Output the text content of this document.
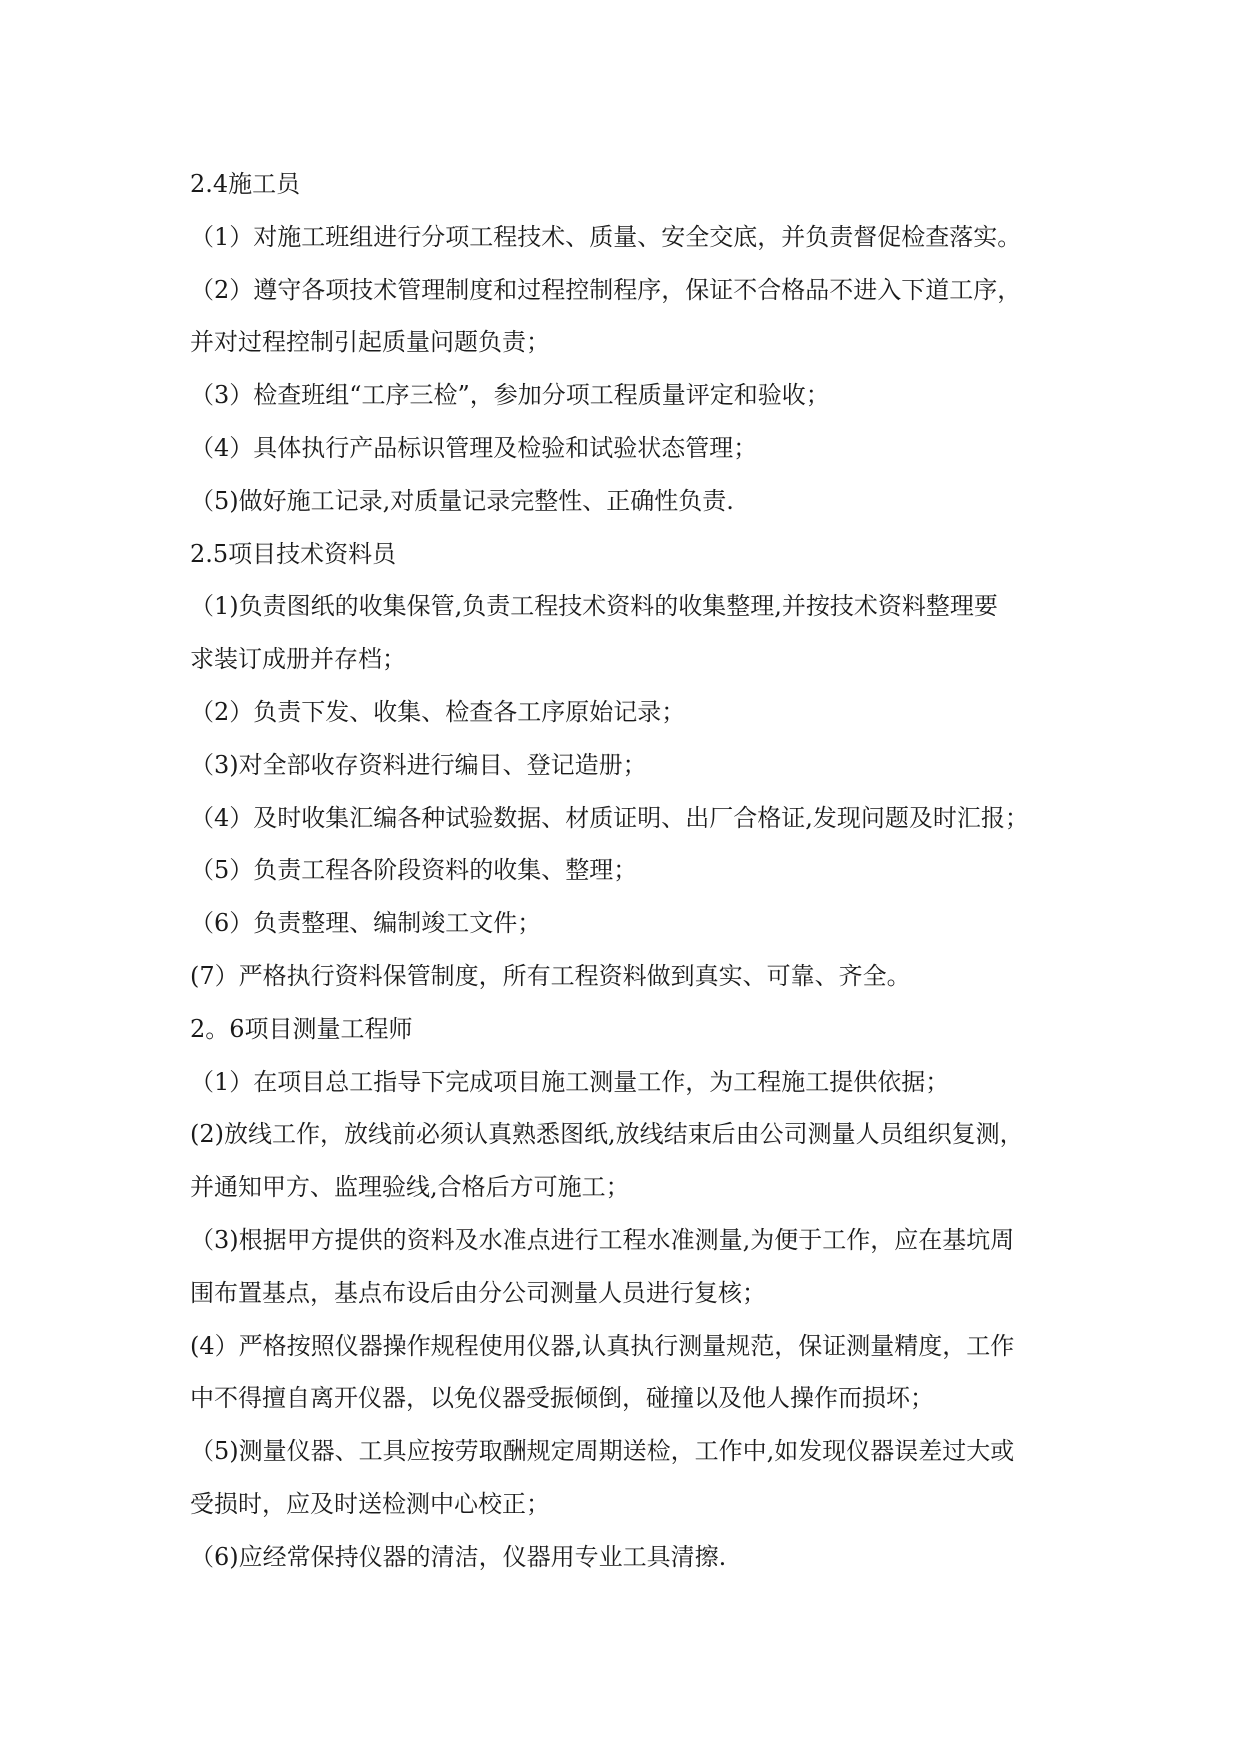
2.4施工员
（1）对施工班组进行分项工程技术、质量、安全交底，并负责督促检查落实。
（2）遵守各项技术管理制度和过程控制程序，保证不合格品不进入下道工序，
并对过程控制引起质量问题负责；
（3）检查班组“工序三检”，参加分项工程质量评定和验收；
（4）具体执行产品标识管理及检验和试验状态管理；
（5)做好施工记录,对质量记录完整性、正确性负责.
2.5项目技术资料员
（1)负责图纸的收集保管,负责工程技术资料的收集整理,并按技术资料整理要
求装订成册并存档；
（2）负责下发、收集、检查各工序原始记录；
（3)对全部收存资料进行编目、登记造册；
（4）及时收集汇编各种试验数据、材质证明、出厂合格证,发现问题及时汇报；
（5）负责工程各阶段资料的收集、整理；
（6）负责整理、编制竣工文件；
(7）严格执行资料保管制度，所有工程资料做到真实、可靠、齐全。
2。6项目测量工程师
（1）在项目总工指导下完成项目施工测量工作，为工程施工提供依据；
(2)放线工作，放线前必须认真熟悉图纸,放线结束后由公司测量人员组织复测，
并通知甲方、监理验线,合格后方可施工；
（3)根据甲方提供的资料及水准点进行工程水准测量,为便于工作，应在基坑周
围布置基点，基点布设后由分公司测量人员进行复核；
(4）严格按照仪器操作规程使用仪器,认真执行测量规范，保证测量精度，工作
中不得擅自离开仪器，以免仪器受振倾倒，碰撞以及他人操作而损坏；
（5)测量仪器、工具应按劳取酬规定周期送检，工作中,如发现仪器误差过大或
受损时，应及时送检测中心校正；
（6)应经常保持仪器的清洁，仪器用专业工具清擦.
